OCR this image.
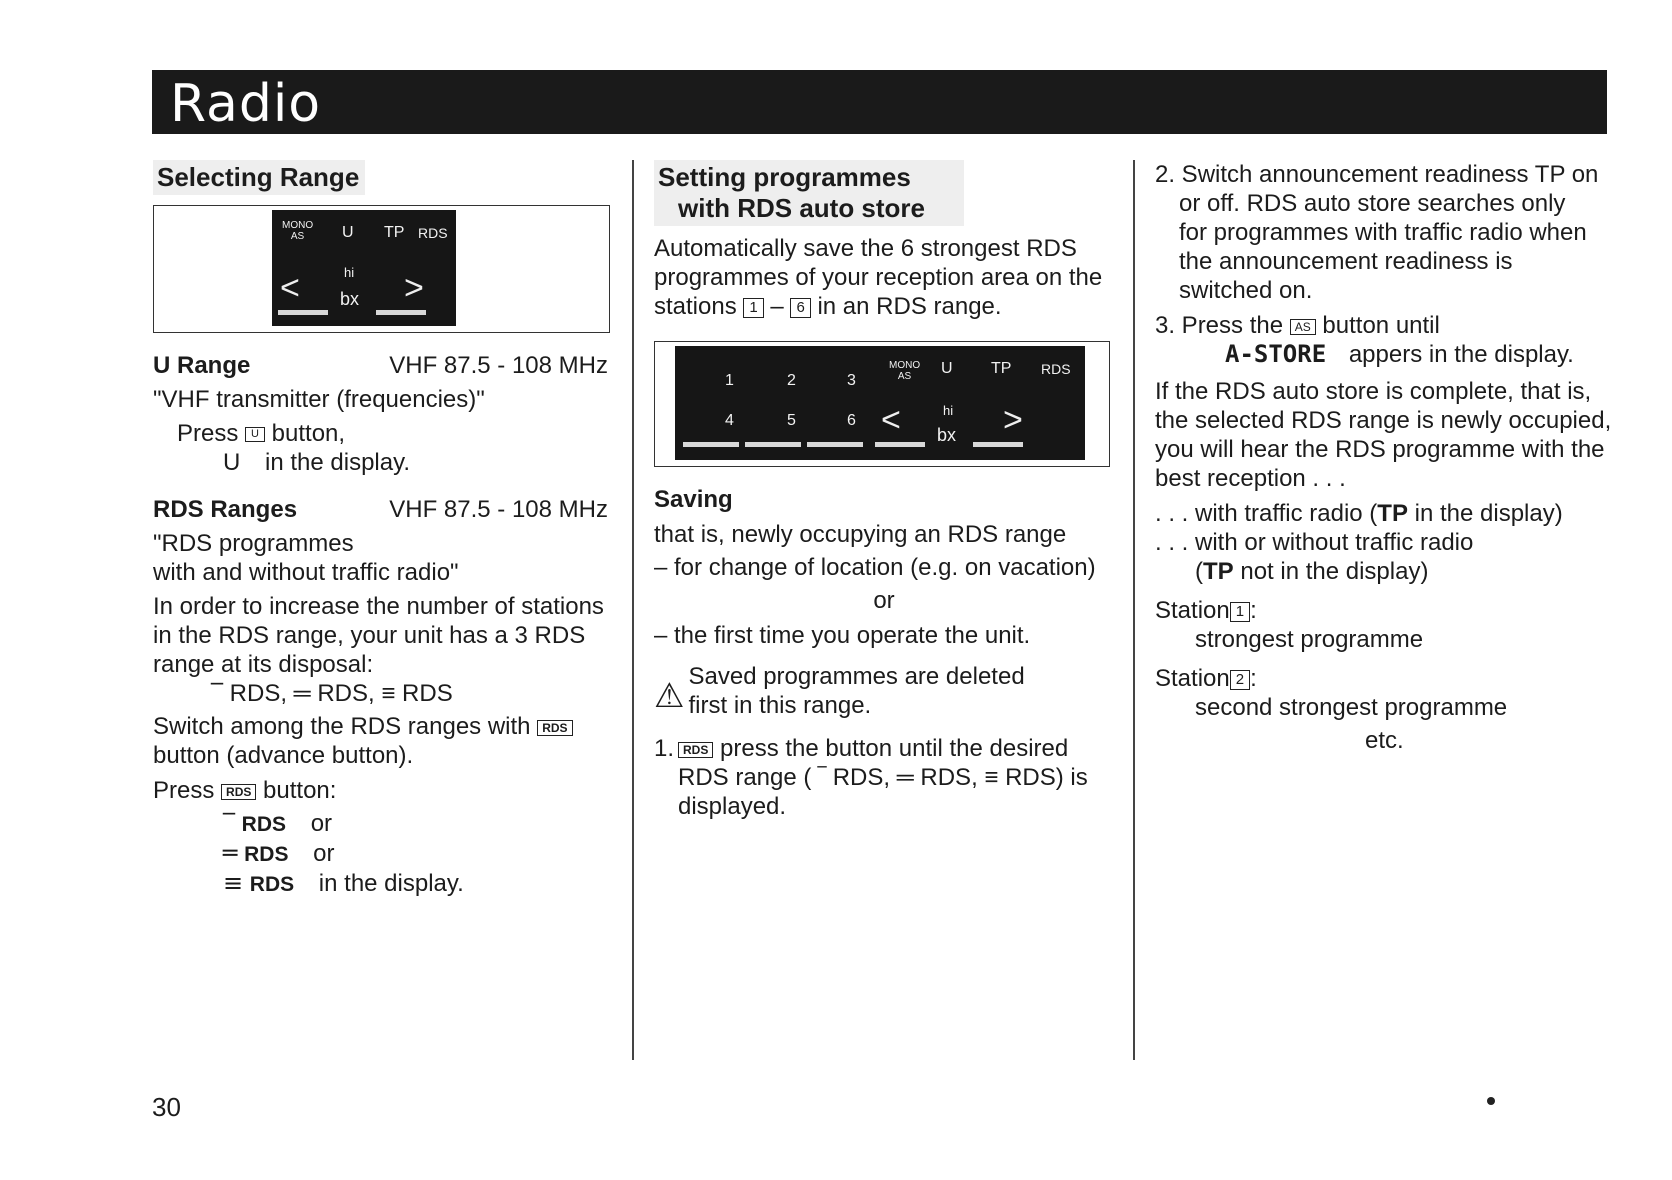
Radio
Selecting Range
MONO
AS	U TP RDS
hi
< bx >
U Range	VHF 87.5 - 108 MHz
"VHF transmitter (frequencies)"
Press U button,
U in the display.
RDS Ranges	VHF 87.5 - 108 MHz
"RDS programmes
with and without traffic radio"
In order to increase the number of stations in the RDS range, your unit has a 3 RDS range at its disposal:
‾ RDS, ═ RDS, ≡ RDS
Switch among the RDS ranges with RDS
button (advance button).
Press RDS button:
‾ RDS or
═ RDS or
≡ RDS in the display.
Setting programmes
with RDS auto store
Automatically save the 6 strongest RDS programmes of your reception area on the stations 1 – 6 in an RDS range.
1	2	3
4	5	6
MONO
AS	U TP RDS
<	hi
bx >
Saving
that is, newly occupying an RDS range
– for change of location (e.g. on vacation)
or
– the first time you operate the unit.
⚠ Saved programmes are deleted first in this range.
1. RDS press the button until the desired RDS range ( ‾ RDS, ═ RDS, ≡ RDS) is displayed.
2. Switch announcement readiness TP on or off. RDS auto store searches only for programmes with traffic radio when the announcement readiness is switched on.
3. Press the AS button until
A-STORE appers in the display.
If the RDS auto store is complete, that is, the selected RDS range is newly occupied, you will hear the RDS programme with the best reception . . .
. . . with traffic radio (TP in the display)
. . . with or without traffic radio
(TP not in the display)
Station 1 :
strongest programme
Station 2 :
second strongest programme
etc.
30
